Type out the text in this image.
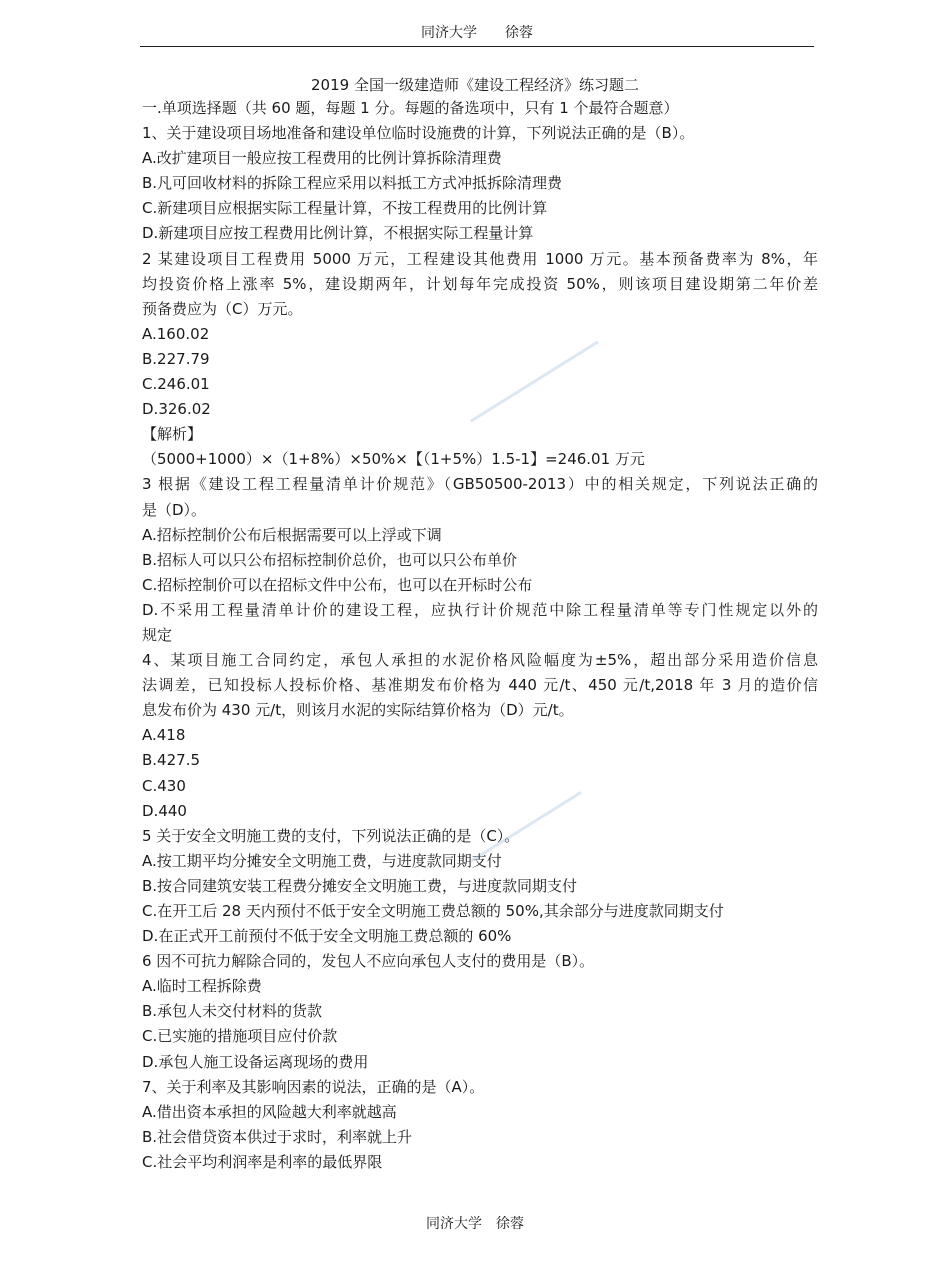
同济大学 徐蓉
2019 全国一级建造师《建设工程经济》练习题二

一.单项选择题（共 60 题，每题 1 分。每题的备选项中，只有 1 个最符合题意）

1、关于建设项目场地准备和建设单位临时设施费的计算，下列说法正确的是（B）。

A.改扩建项目一般应按工程费用的比例计算拆除清理费

B.凡可回收材料的拆除工程应采用以料抵工方式冲抵拆除清理费

C.新建项目应根据实际工程量计算，不按工程费用的比例计算

D.新建项目应按工程费用比例计算，不根据实际工程量计算

2 某建设项目工程费用 5000 万元，工程建设其他费用 1000 万元。基本预备费率为 8%，年

均投资价格上涨率 5%，建设期两年，计划每年完成投资 50%，则该项目建设期第二年价差

预备费应为（C）万元。

A.160.02

B.227.79

C.246.01

D.326.02

【解析】

（5000+1000）×（1+8%）×50%×【（1+5%）1.5-1】=246.01 万元

3 根据《建设工程工程量清单计价规范》（GB50500-2013）中的相关规定，下列说法正确的

是（D）。

A.招标控制价公布后根据需要可以上浮或下调

B.招标人可以只公布招标控制价总价，也可以只公布单价

C.招标控制价可以在招标文件中公布，也可以在开标时公布

D.不采用工程量清单计价的建设工程，应执行计价规范中除工程量清单等专门性规定以外的

规定

4、某项目施工合同约定，承包人承担的水泥价格风险幅度为±5%，超出部分采用造价信息

法调差，已知投标人投标价格、基准期发布价格为 440 元/t、450 元/t,2018 年 3 月的造价信

息发布价为 430 元/t，则该月水泥的实际结算价格为（D）元/t。

A.418

B.427.5

C.430

D.440

5 关于安全文明施工费的支付，下列说法正确的是（C）。

A.按工期平均分摊安全文明施工费，与进度款同期支付

B.按合同建筑安装工程费分摊安全文明施工费，与进度款同期支付

C.在开工后 28 天内预付不低于安全文明施工费总额的 50%,其余部分与进度款同期支付

D.在正式开工前预付不低于安全文明施工费总额的 60%

6 因不可抗力解除合同的，发包人不应向承包人支付的费用是（B）。

A.临时工程拆除费

B.承包人未交付材料的货款

C.已实施的措施项目应付价款

D.承包人施工设备运离现场的费用

7、关于利率及其影响因素的说法，正确的是（A）。

A.借出资本承担的风险越大利率就越高

B.社会借贷资本供过于求时，利率就上升

C.社会平均利润率是利率的最低界限

同济大学 徐蓉
